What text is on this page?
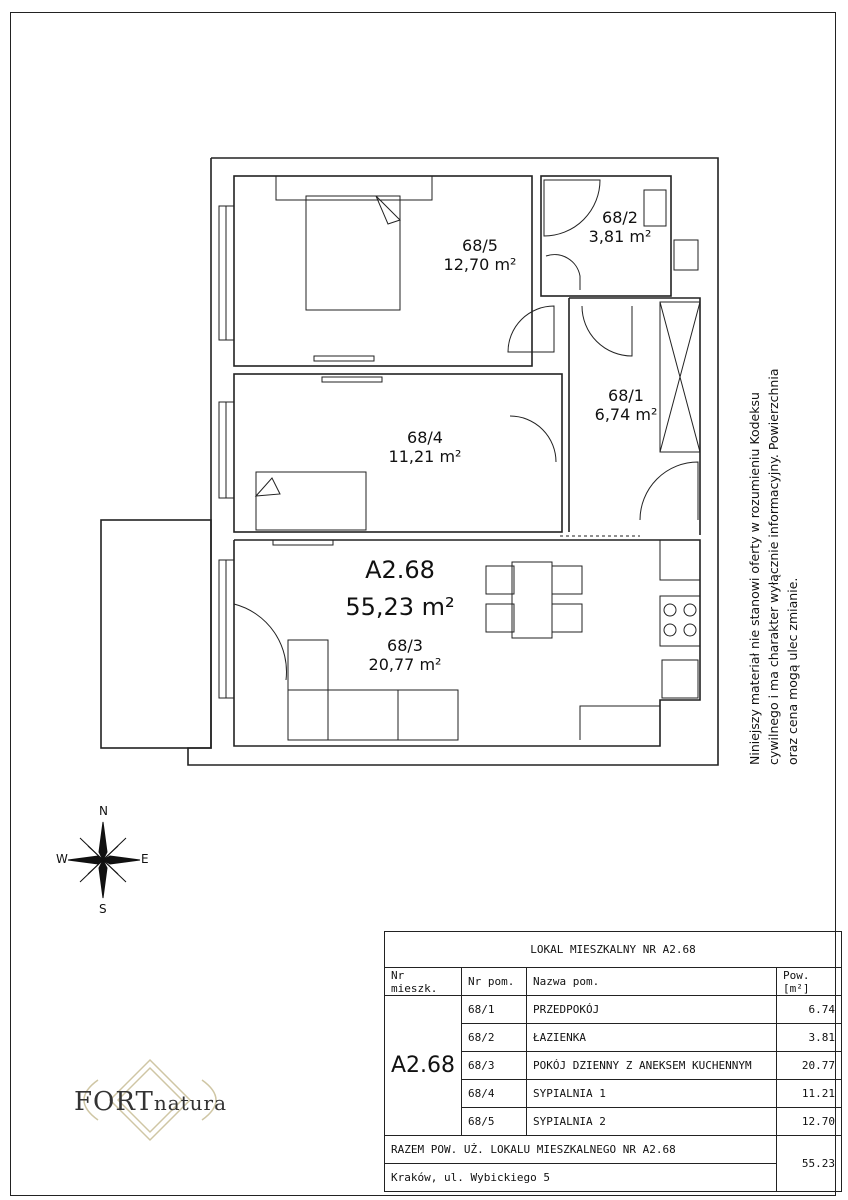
68/5
12,70 m²
68/2
3,81 m²
68/1
6,74 m²
68/4
11,21 m²
A2.68
55,23 m²
68/3
20,77 m²
N
S
E
W
Niniejszy materiał nie stanowi oferty w rozumieniu Kodeksu cywilnego i ma charakter wyłącznie informacyjny. Powierzchnia oraz cena mogą ulec zmianie.
FORTnatura
LOKAL MIESZKALNY NR A2.68			
Nr mieszk.	Nr pom.	Nazwa pom.	Pow. [m²]
A2.68	68/1	PRZEDPOKÓJ	6.74
	68/2	ŁAZIENKA	3.81
	68/3	POKÓJ DZIENNY Z ANEKSEM KUCHENNYM	20.77
	68/4	SYPIALNIA 1	11.21
	68/5	SYPIALNIA 2	12.70
RAZEM POW. UŻ. LOKALU MIESZKALNEGO NR A2.68			55.23
Kraków, ul. Wybickiego 5			
